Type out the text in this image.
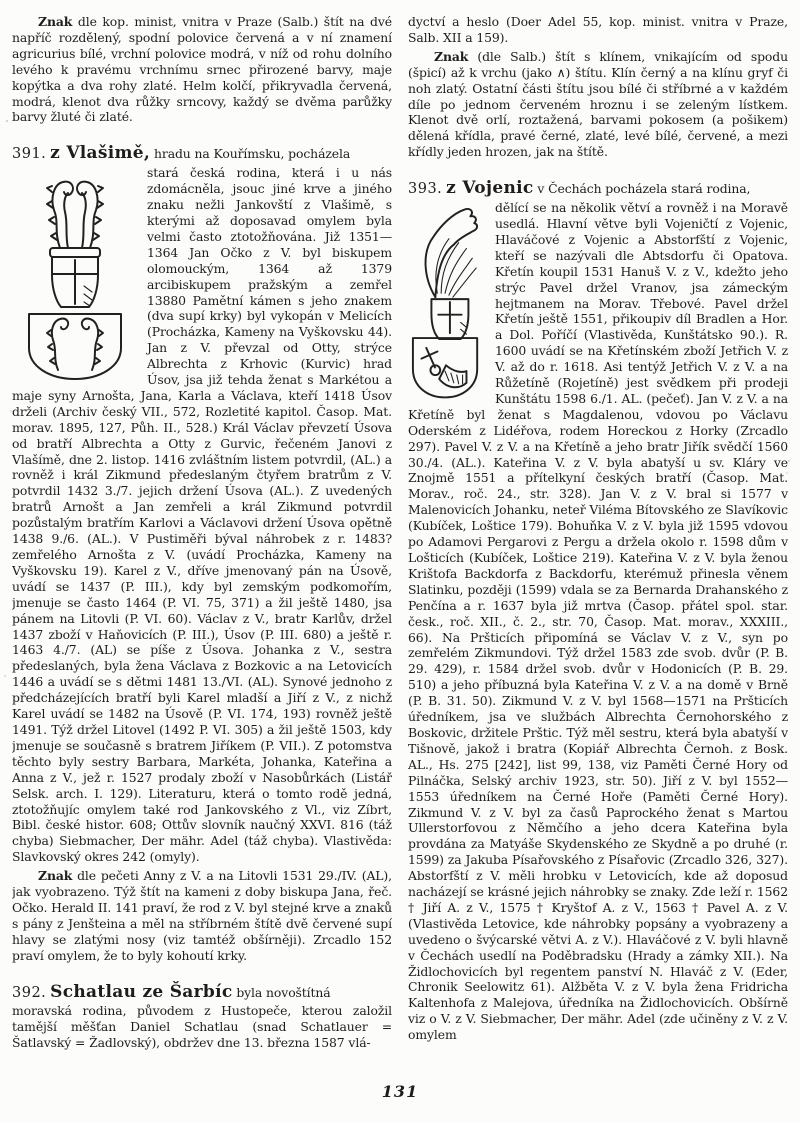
Znak dle kop. minist, vnitra v Praze (Salb.) štít na dvé napříč rozdělený, spodní polovice červená a v ní znamení agricurius bílé, vrchní polovice modrá, v níž od rohu dolního levého k pravému vrchnímu srnec přirozené barvy, maje kopýtka a dva rohy zlaté. Helm kolčí, přikryvadla červená, modrá, klenot dva růžky srncovy, každý se dvěma parůžky barvy žluté či zlaté.

391. z Vlašimě, hradu na Kouřímsku, pocházela

stará česká rodina, která i u nás zdomácněla, jsouc jiné krve a jiného znaku nežli Jankovští z Vlašimě, s kterými až doposavad omylem byla velmi často ztotožňována. Již 1351—1364 Jan Očko z V. byl biskupem olomouckým, 1364 až 1379 arcibiskupem pražským a zemřel 13880 Pamětní kámen s jeho znakem (dva supí krky) byl vykopán v Melicích (Procházka, Kameny na Vyškovsku 44). Jan z V. převzal od Otty, strýce Albrechta z Krhovic (Kurvic) hrad Úsov, jsa již tehda ženat s Markétou a maje syny Arnošta, Jana, Karla a Václava, kteří 1418 Úsov drželi (Archiv český VII., 572, Rozletité kapitol. Časop. Mat. morav. 1895, 127, Půh. II., 528.) Král Václav převzetí Úsova od bratří Albrechta a Otty z Gurvic, řečeném Janovi z Vlašímě, dne 2. listop. 1416 zvláštním listem potvrdil, (AL.) a rovněž i král Zikmund předeslaným čtyřem bratrům z V. potvrdil 1432 3./7. jejich držení Úsova (AL.). Z uvedených bratrů Arnošt a Jan zemřeli a král Zikmund potvrdil pozůstalým bratřím Karlovi a Václavovi držení Úsova opětně 1438 9./6. (AL.). V Pustiměři býval náhrobek z r. 1483? zemřelého Arnošta z V. (uvádí Procházka, Kameny na Vyškovsku 19). Karel z V., dříve jmenovaný pán na Úsově, uvádí se 1437 (P. III.), kdy byl zemským podkomořím, jmenuje se často 1464 (P. VI. 75, 371) a žil ještě 1480, jsa pánem na Litovli (P. VI. 60). Václav z V., bratr Karlův, držel 1437 zboží v Haňovicích (P. III.), Úsov (P. III. 680) a ještě r. 1463 4./7. (AL) se píše z Úsova. Johanka z V., sestra předeslaných, byla žena Václava z Bozkovic a na Letovicích 1446 a uvádí se s dětmi 1481 13./VI. (AL). Synové jednoho z předcházejících bratří byli Karel mladší a Jiří z V., z nichž Karel uvádí se 1482 na Úsově (P. VI. 174, 193) rovněž ještě 1491. Týž držel Litovel (1492 P. VI. 305) a žil ještě 1503, kdy jmenuje se současně s bratrem Jiříkem (P. VII.). Z potomstva těchto byly sestry Barbara, Markéta, Johanka, Kateřina a Anna z V., jež r. 1527 prodaly zboží v Nasobůrkách (Listář Selsk. arch. I. 129). Literaturu, která o tomto rodě jedná, ztotožňujíc omylem také rod Jankovského z Vl., viz Zíbrt, Bibl. české histor. 608; Ottův slovník naučný XXVI. 816 (táž chyba) Siebmacher, Der mähr. Adel (táž chyba). Vlastivěda: Slavkovský okres 242 (omyly).

Znak dle pečeti Anny z V. a na Litovli 1531 29./IV. (AL), jak vyobrazeno. Týž štít na kameni z doby biskupa Jana, řeč. Očko. Herald II. 141 praví, že rod z V. byl stejné krve a znaků s pány z Jenšteina a měl na stříbrném štítě dvě červené supí hlavy se zlatými nosy (viz tamtéž obšírněji). Zrcadlo 152 praví omylem, že to byly kohoutí krky.

392. Schatlau ze Šarbíc byla novoštítná

moravská rodina, původem z Hustopeče, kterou založil tamější měšťan Daniel Schatlau (snad Schatlauer = Šatlavský = Žadlovský), obdržev dne 13. března 1587 vlá-

dyctví a heslo (Doer Adel 55, kop. minist. vnitra v Praze, Salb. XII a 159).

Znak (dle Salb.) štít s klínem, vnikajícím od spodu (špicí) až k vrchu (jako ∧) štítu. Klín černý a na klínu gryf či noh zlatý. Ostatní části štítu jsou bílé či stříbrné a v každém díle po jednom červeném hroznu i se zeleným lístkem. Klenot dvě orlí, roztažená, barvami pokosem (a pošikem) dělená křídla, pravé černé, zlaté, levé bílé, červené, a mezi křídly jeden hrozen, jak na štítě.

393. z Vojenic v Čechách pocházela stará rodina,

dělící se na několik větví a rovněž i na Moravě usedlá. Hlavní větve byli Vojeničtí z Vojenic, Hlaváčové z Vojenic a Abstorfští z Vojenic, kteří se nazývali dle Abtsdorfu či Opatova. Křetín koupil 1531 Hanuš V. z V., kdežto jeho strýc Pavel držel Vranov, jsa zámeckým hejtmanem na Morav. Třebové. Pavel držel Křetín ještě 1551, přikoupiv díl Bradlen a Hor. a Dol. Poříčí (Vlastivěda, Kunštátsko 90.). R. 1600 uvádí se na Křetínském zboží Jetřich V. z V. až do r. 1618. Asi tentýž Jetřich V. z V. a na Růžetíně (Rojetíně) jest svědkem při prodeji Kunštátu 1598 6./1. AL. (pečeť). Jan V. z V. a na Křetíně byl ženat s Magdalenou, vdovou po Václavu Oderském z Lidéřova, rodem Horeckou z Horky (Zrcadlo 297). Pavel V. z V. a na Křetíně a jeho bratr Jiřík svědčí 1560 30./4. (AL.). Kateřina V. z V. byla abatyší u sv. Kláry ve Znojmě 1551 a přítelkyní českých bratří (Časop. Mat. Morav., roč. 24., str. 328). Jan V. z V. bral si 1577 v Malenovicích Johanku, neteř Viléma Bítovského ze Slavíkovic (Kubíček, Loštice 179). Bohuňka V. z V. byla již 1595 vdovou po Adamovi Pergarovi z Pergu a držela okolo r. 1598 dům v Lošticích (Kubíček, Loštice 219). Kateřina V. z V. byla ženou Krištofa Backdorfa z Backdorfu, kterémuž přinesla věnem Slatinku, později (1599) vdala se za Bernarda Drahanského z Penčína a r. 1637 byla již mrtva (Časop. přátel spol. star. česk., roč. XII., č. 2., str. 70, Časop. Mat. morav., XXXIII., 66). Na Pršticích připomíná se Václav V. z V., syn po zemřelém Zikmundovi. Týž držel 1583 zde svob. dvůr (P. B. 29. 429), r. 1584 držel svob. dvůr v Hodonicích (P. B. 29. 510) a jeho příbuzná byla Kateřina V. z V. a na domě v Brně (P. B. 31. 50). Zikmund V. z V. byl 1568—1571 na Pršticích úředníkem, jsa ve službách Albrechta Černohorského z Boskovic, držitele Prštic. Týž měl sestru, která byla abatyší v Tišnově, jakož i bratra (Kopiář Albrechta Černoh. z Bosk. AL., Hs. 275 [242], list 99, 138, viz Paměti Černé Hory od Pilnáčka, Selský archiv 1923, str. 50). Jiří z V. byl 1552—1553 úředníkem na Černé Hoře (Paměti Černé Hory). Zikmund V. z V. byl za časů Paprockého ženat s Martou Ullerstorfovou z Němčího a jeho dcera Kateřina byla provdána za Matyáše Skydenského ze Skydně a po druhé (r. 1599) za Jakuba Písařovského z Písařovic (Zrcadlo 326, 327). Abstorfští z V. měli hrobku v Letovicích, kde až doposud nacházejí se krásné jejich náhrobky se znaky. Zde leží r. 1562 † Jiří A. z V., 1575 † Kryštof A. z V., 1563 † Pavel A. z V. (Vlastivěda Letovice, kde náhrobky popsány a vyobrazeny a uvedeno o švýcarské větvi A. z V.). Hlaváčové z V. byli hlavně v Čechách usedlí na Poděbradsku (Hrady a zámky XII.). Na Židlochovicích byl regentem panství N. Hlaváč z V. (Eder, Chronik Seelowitz 61). Alžběta V. z V. byla žena Fridricha Kaltenhofa z Malejova, úředníka na Židlochovicích. Obšírně viz o V. z V. Siebmacher, Der mähr. Adel (zde učiněny z V. z V. omylem

131
